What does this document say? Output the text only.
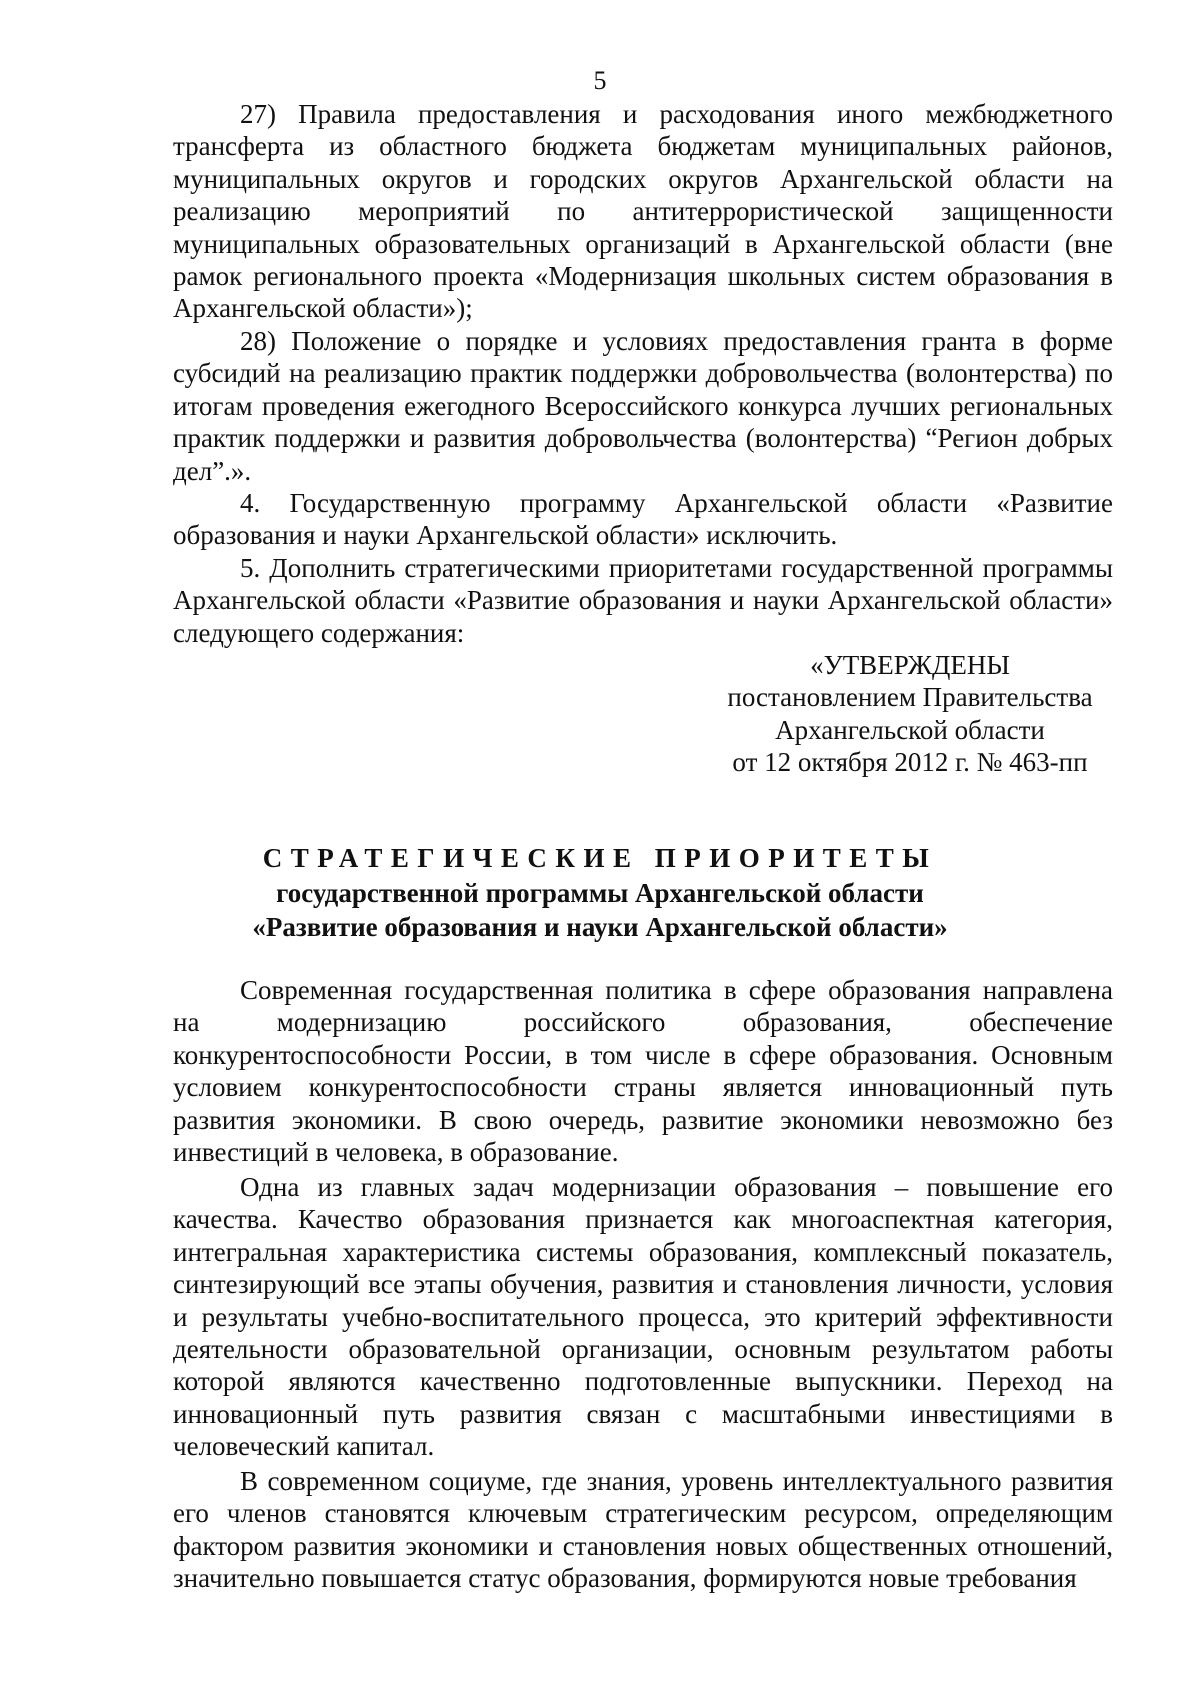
5

27) Правила предоставления и расходования иного межбюджетного трансферта из областного бюджета бюджетам муниципальных районов, муниципальных округов и городских округов Архангельской области на реализацию мероприятий по антитеррористической защищенности муниципальных образовательных организаций в Архангельской области (вне рамок регионального проекта «Модернизация школьных систем образования в Архангельской области»);

28) Положение о порядке и условиях предоставления гранта в форме субсидий на реализацию практик поддержки добровольчества (волонтерства) по итогам проведения ежегодного Всероссийского конкурса лучших региональных практик поддержки и развития добровольчества (волонтерства) “Регион добрых дел”.».

4. Государственную программу Архангельской области «Развитие образования и науки Архангельской области» исключить.

5. Дополнить стратегическими приоритетами государственной программы Архангельской области «Развитие образования и науки Архангельской области» следующего содержания:

«УТВЕРЖДЕНЫ
постановлением Правительства
Архангельской области
от 12 октября 2012 г. № 463-пп
СТРАТЕГИЧЕСКИЕ ПРИОРИТЕТЫ
государственной программы Архангельской области
«Развитие образования и науки Архангельской области»

Современная государственная политика в сфере образования направлена на модернизацию российского образования, обеспечение конкурентоспособности России, в том числе в сфере образования. Основным условием конкурентоспособности страны является инновационный путь развития экономики. В свою очередь, развитие экономики невозможно без инвестиций в человека, в образование.

Одна из главных задач модернизации образования – повышение его качества. Качество образования признается как многоаспектная категория, интегральная характеристика системы образования, комплексный показатель, синтезирующий все этапы обучения, развития и становления личности, условия и результаты учебно-воспитательного процесса, это критерий эффективности деятельности образовательной организации, основным результатом работы которой являются качественно подготовленные выпускники. Переход на инновационный путь развития связан с масштабными инвестициями в человеческий капитал.

В современном социуме, где знания, уровень интеллектуального развития его членов становятся ключевым стратегическим ресурсом, определяющим фактором развития экономики и становления новых общественных отношений, значительно повышается статус образования, формируются новые требования
